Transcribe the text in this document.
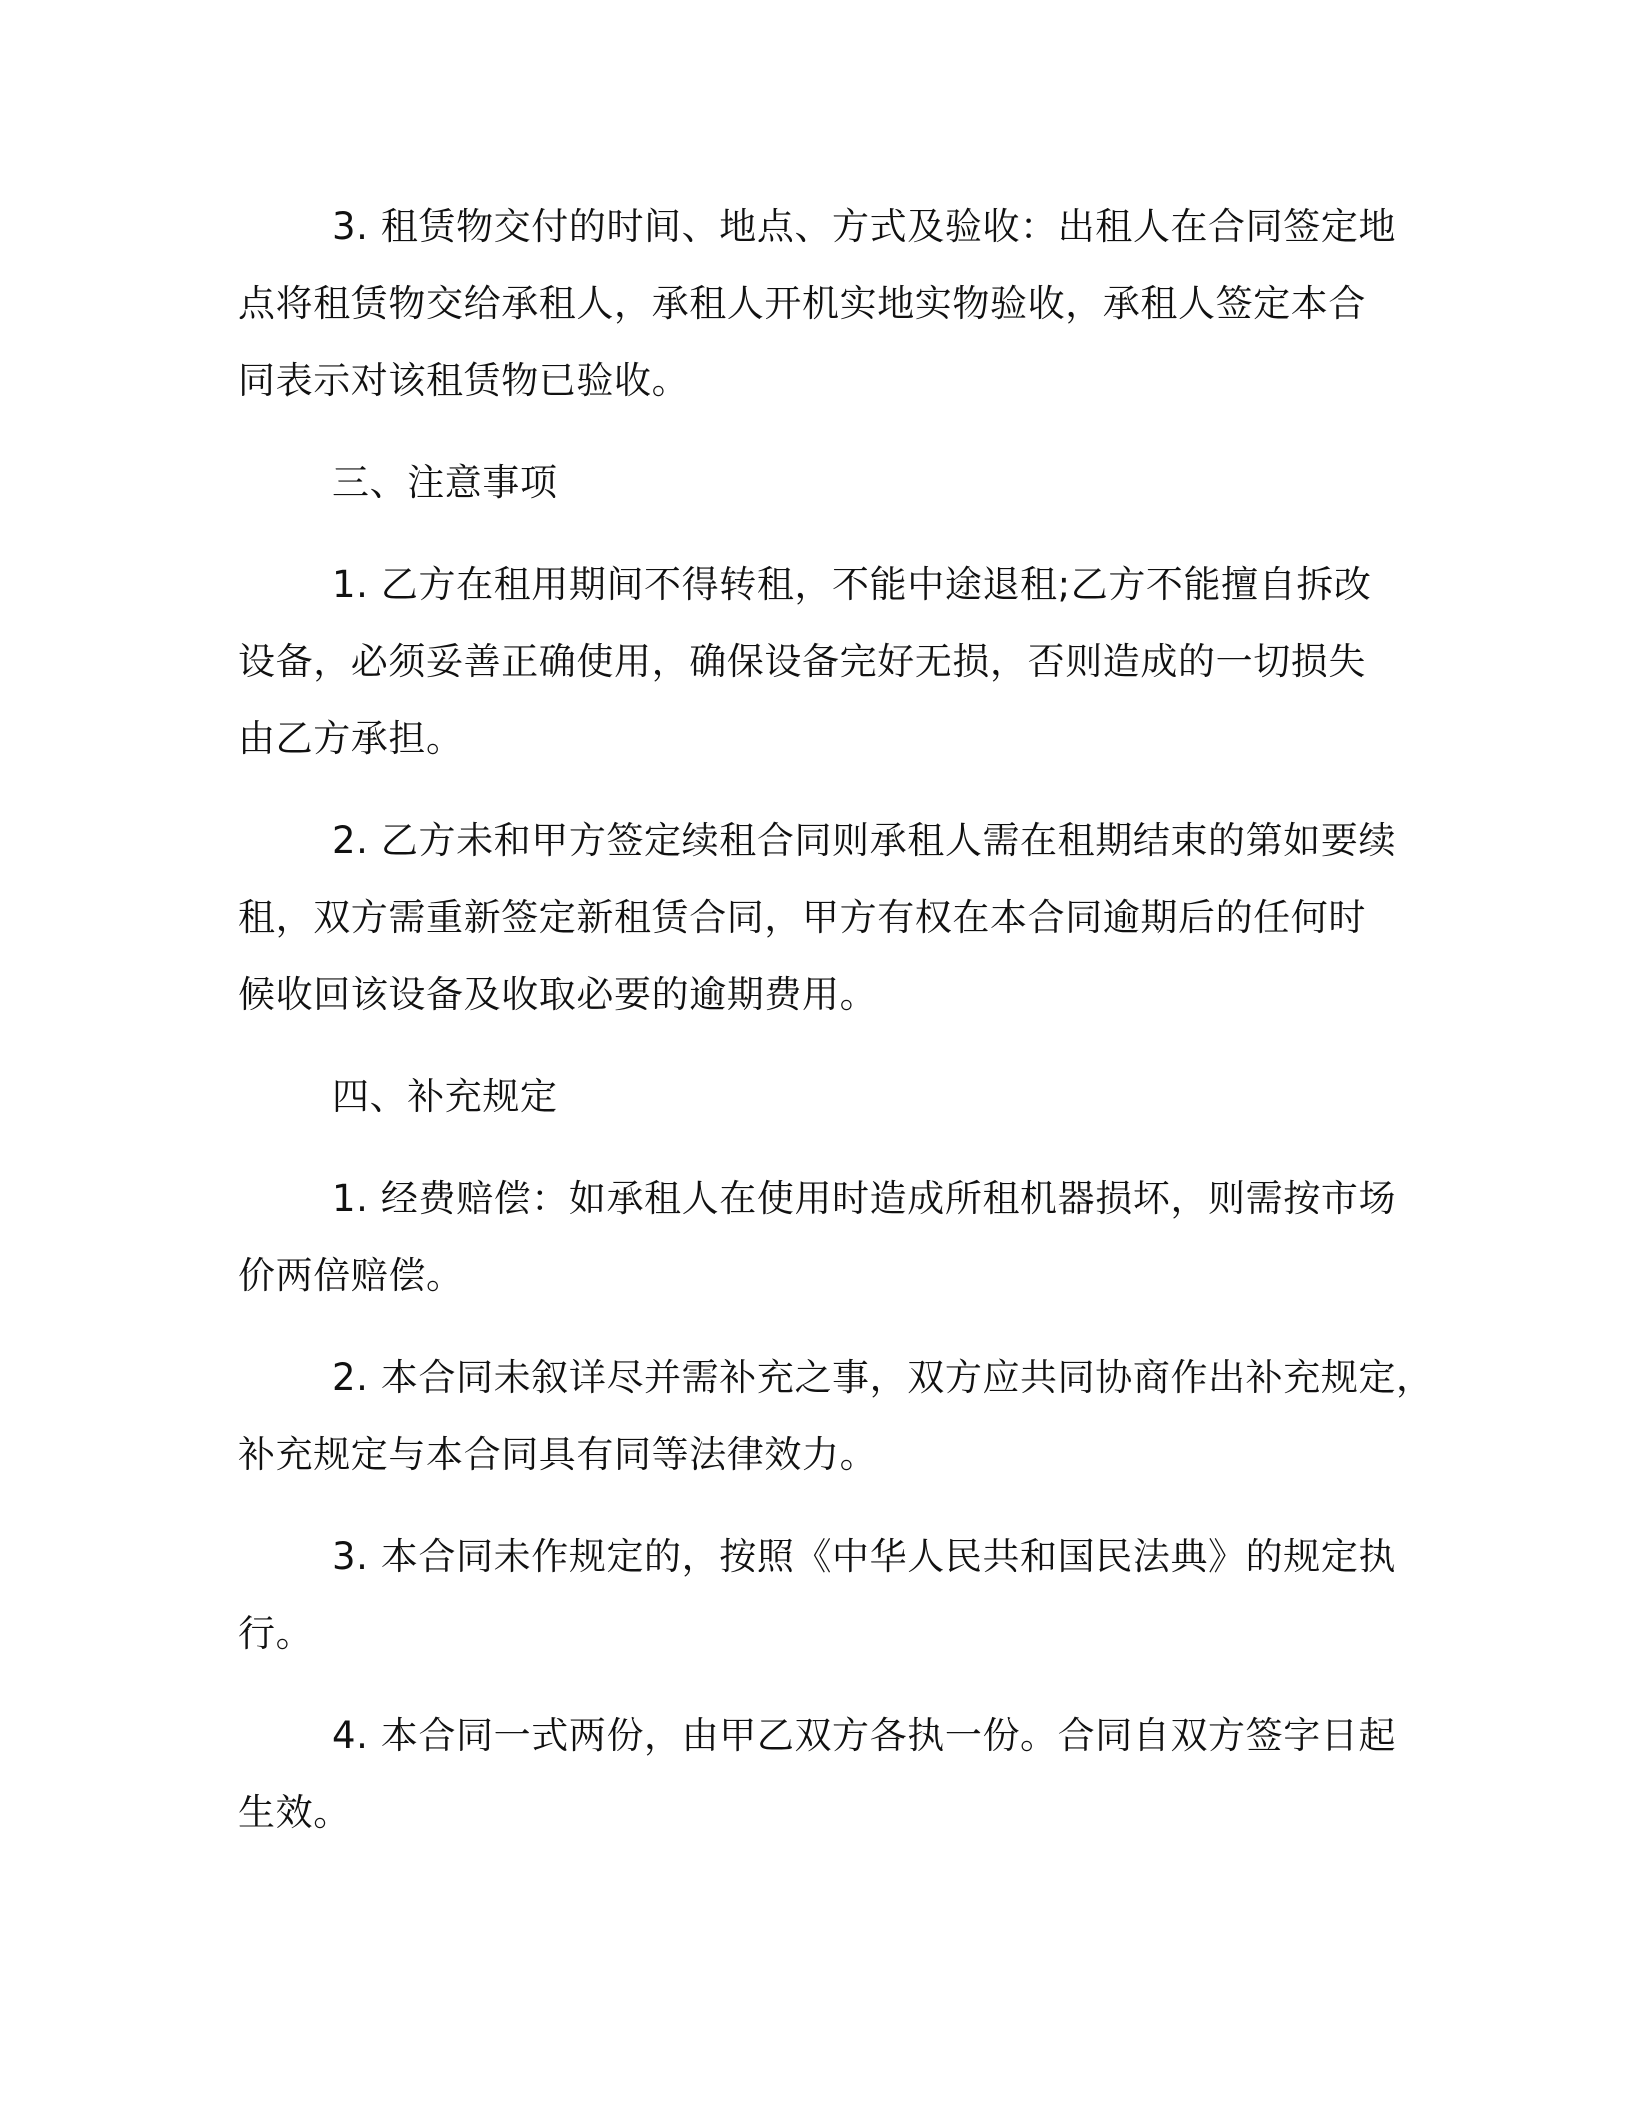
3. 租赁物交付的时间、地点、方式及验收：出租人在合同签定地
点将租赁物交给承租人，承租人开机实地实物验收，承租人签定本合
同表示对该租赁物已验收。

三、注意事项

1. 乙方在租用期间不得转租，不能中途退租;乙方不能擅自拆改
设备，必须妥善正确使用，确保设备完好无损，否则造成的一切损失
由乙方承担。

2. 乙方未和甲方签定续租合同则承租人需在租期结束的第如要续
租，双方需重新签定新租赁合同，甲方有权在本合同逾期后的任何时
候收回该设备及收取必要的逾期费用。

四、补充规定

1. 经费赔偿：如承租人在使用时造成所租机器损坏，则需按市场
价两倍赔偿。

2. 本合同未叙详尽并需补充之事，双方应共同协商作出补充规定，
补充规定与本合同具有同等法律效力。

3. 本合同未作规定的，按照《中华人民共和国民法典》的规定执
行。

4. 本合同一式两份，由甲乙双方各执一份。合同自双方签字日起
生效。
